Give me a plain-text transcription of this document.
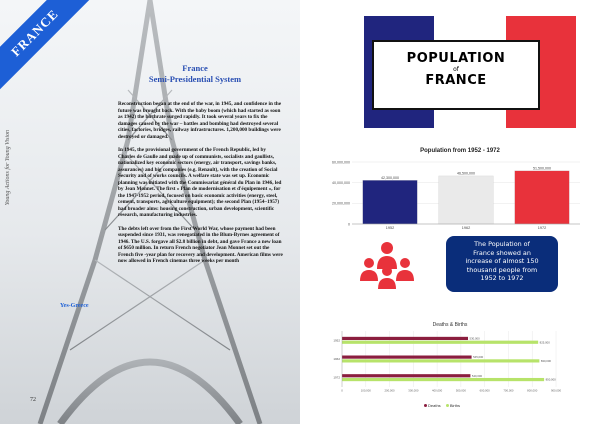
FRANCE
Young Actions for Young Vision
France
Semi-Presidential System

Reconstruction began at the end of the war, in 1945, and confidence in the future was brought back. With the baby boom (which had started as soon as 1942) the birthrate surged rapidly. It took several years to fix the damages caused by the war – battles and bombing had destroyed several cities, factories, bridges, railway infrastructures. 1,200,000 buildings were destroyed or damaged.

In 1945, the provisional government of the French Republic, led by Charles de Gaulle and made up of communists, socialists and gaullists, nationalized key economic sectors (energy, air transport, savings banks, assurances) and big companies (e.g. Renault), with the creation of Social Security and of works councils. A welfare state was set up. Economic planning was initiated with the Commissariat général du Plan in 1946, led by Jean Monnet. The first « Plan de modernisation et d'équipement », for the 1947-1952 period, focused on basic economic activities (energy, steel, cement, transports, agriculture equipment); the second Plan (1954–1957) had broader aims: housing construction, urban development, scientific research, manufacturing industries.

The debts left over from the First World War, whose payment had been suspended since 1931, was renegotiated in the Blum-Byrnes agreement of 1946. The U.S. forgave all $2.8 billion in debt, and gave France a new loan of $650 million. In return French negotiator Jean Monnet set out the French five -year plan for recovery and development. American films were now allowed in French cinemas three weeks per month

Yes-Greece
72
POPULATION
of
FRANCE
Population from 1952 - 1972
0
20,000,000
40,000,000
60,000,000
42,300,000
1952
46,500,000
1962
51,500,000
1972
The Population of
France showed an
increase of almost 150
thousand people from
1952 to 1972
Deaths & Births
0	100,000	200,000	300,000	400,000	500,000	600,000	700,000	800,000	900,000
1952	530,000
825,000
1962	545,000
830,000
1972	540,000
850,000
Deaths Births
